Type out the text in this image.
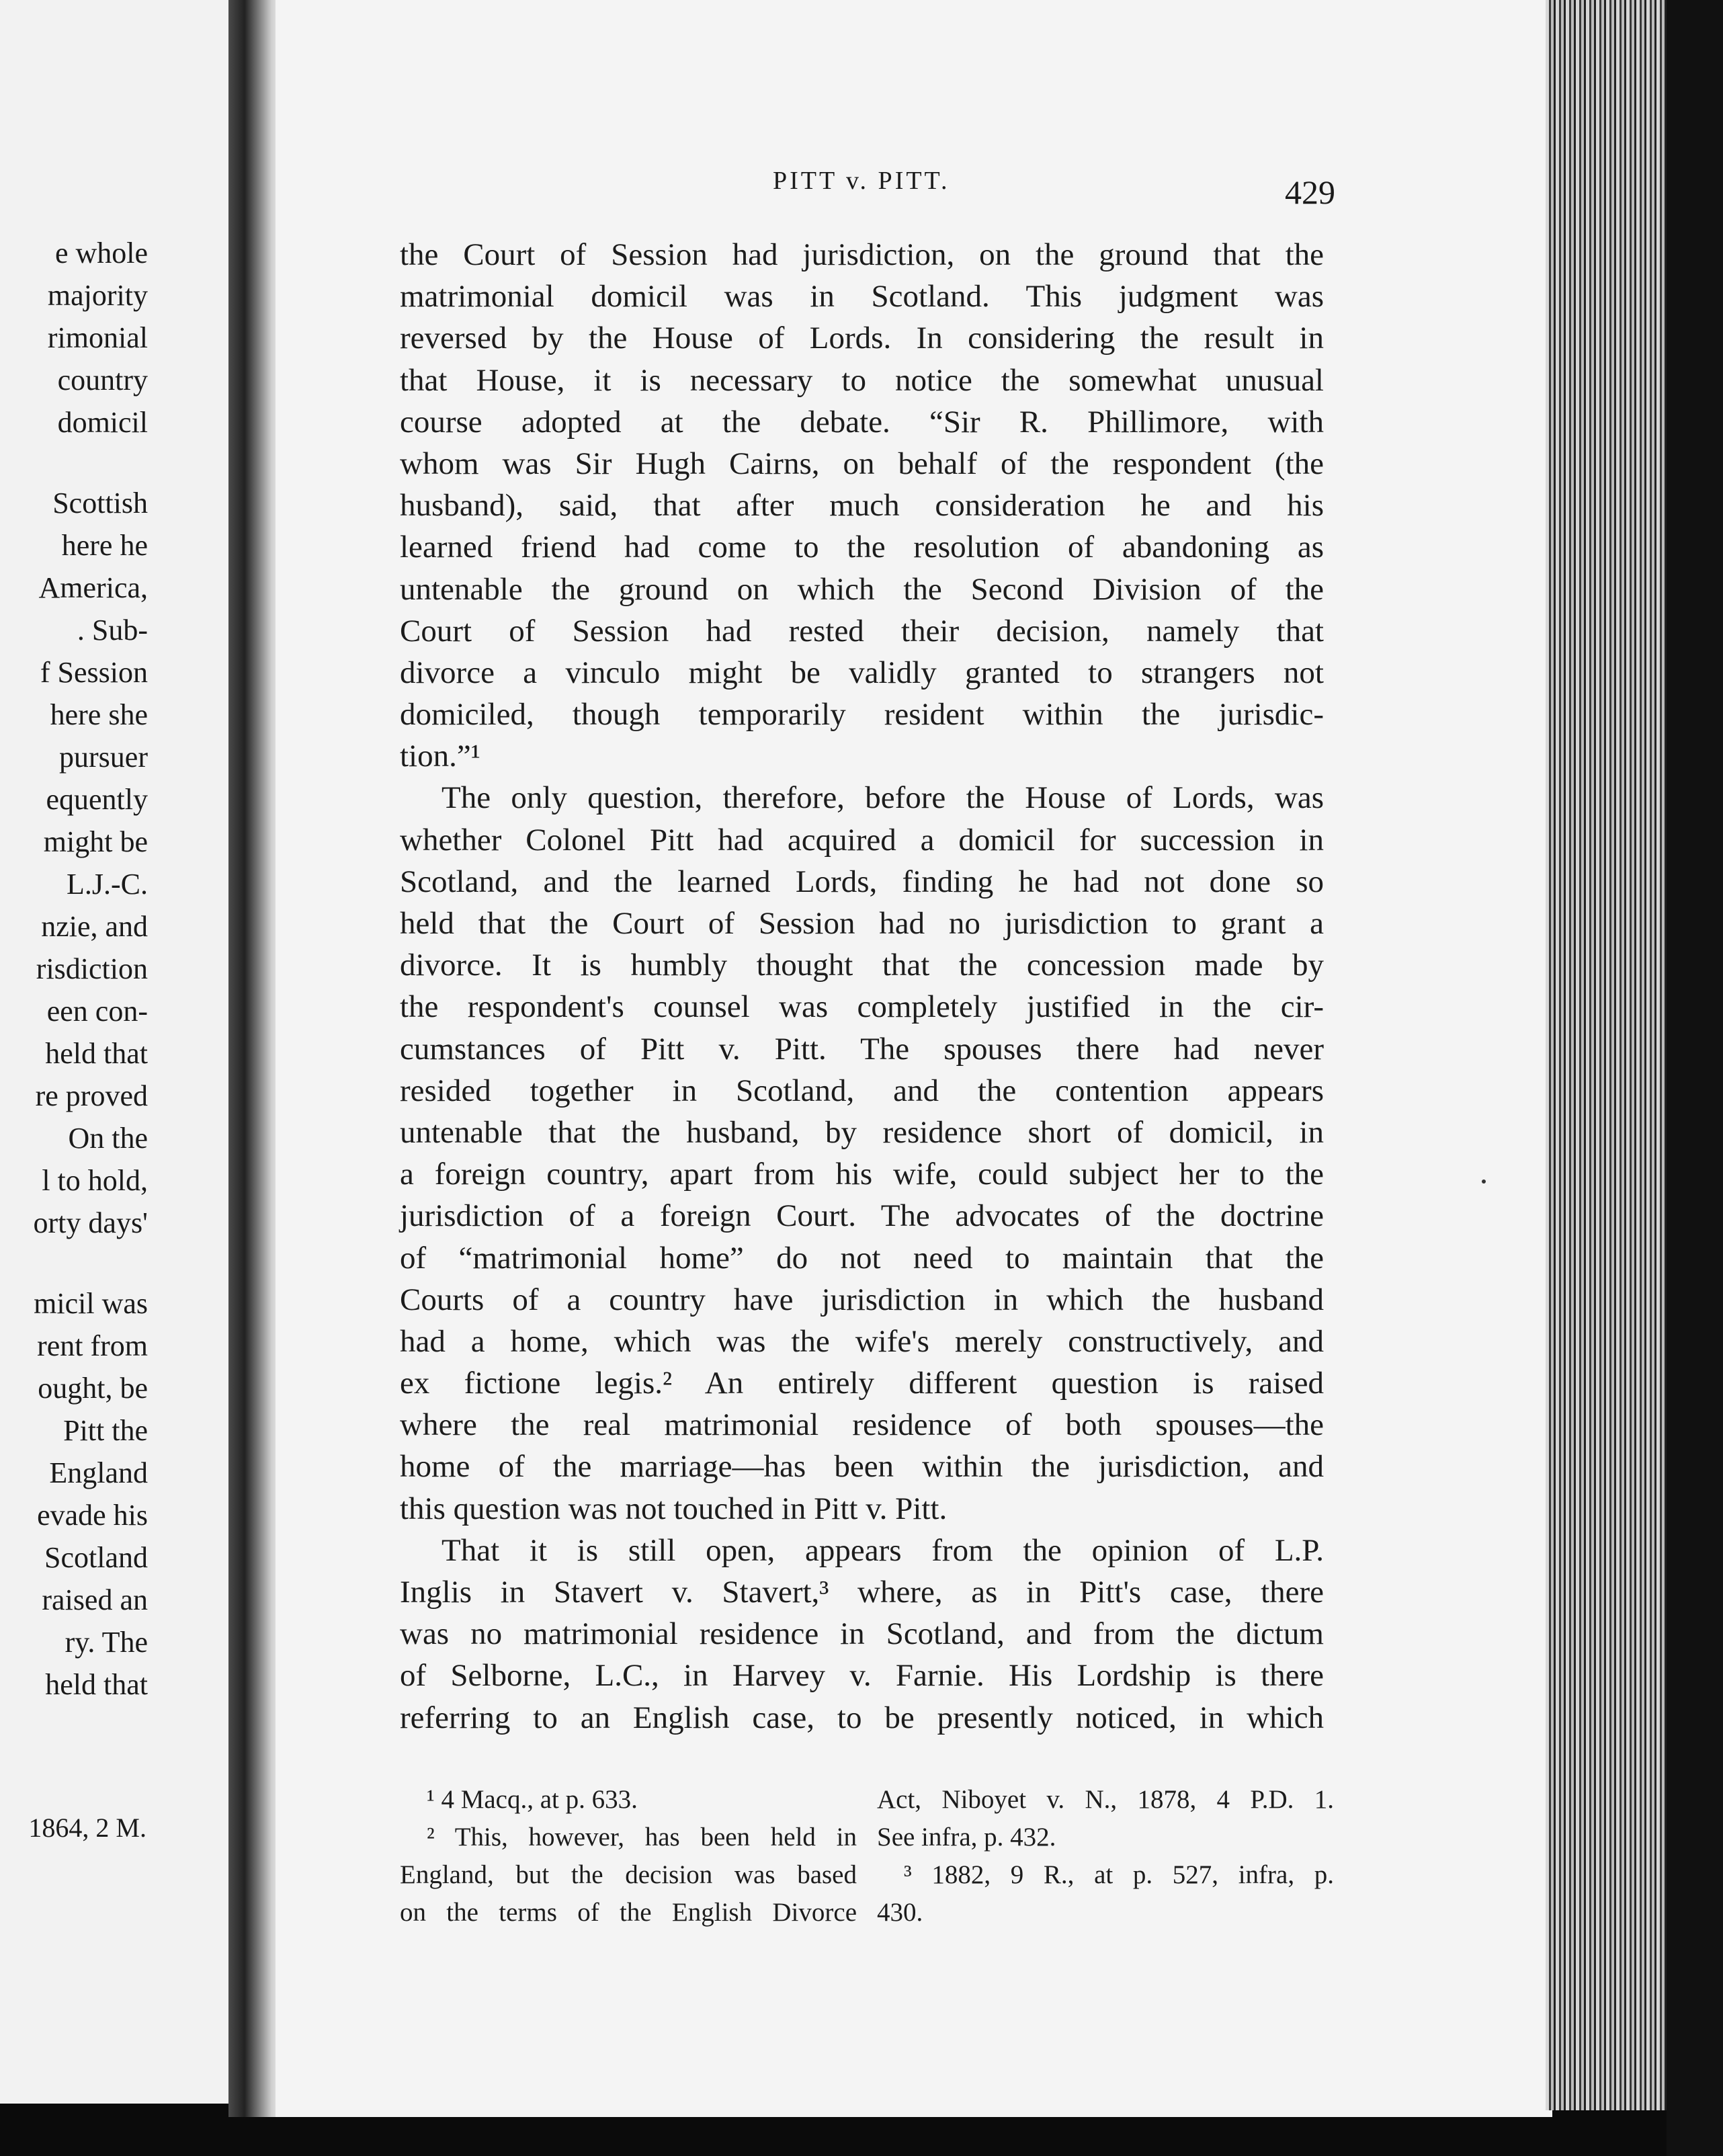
e whole
majority
rimonial
country
domicil
Scottish
here he
America,
. Sub-
f Session
here she
pursuer
equently
might be
L.J.-C.
nzie, and
risdiction
een con-
held that
re proved
On the
l to hold,
orty days'
micil was
rent from
ought, be
Pitt the
England
evade his
Scotland
raised an
ry. The
held that
1864, 2 M.
PITT v. PITT.	429
the Court of Session had jurisdiction, on the ground that the
matrimonial domicil was in Scotland. This judgment was
reversed by the House of Lords. In considering the result in
that House, it is necessary to notice the somewhat unusual
course adopted at the debate. “Sir R. Phillimore, with
whom was Sir Hugh Cairns, on behalf of the respondent (the
husband), said, that after much consideration he and his
learned friend had come to the resolution of abandoning as
untenable the ground on which the Second Division of the
Court of Session had rested their decision, namely that
divorce a vinculo might be validly granted to strangers not
domiciled, though temporarily resident within the jurisdic-
tion.”¹
The only question, therefore, before the House of Lords, was
whether Colonel Pitt had acquired a domicil for succession in
Scotland, and the learned Lords, finding he had not done so
held that the Court of Session had no jurisdiction to grant a
divorce. It is humbly thought that the concession made by
the respondent's counsel was completely justified in the cir-
cumstances of Pitt v. Pitt. The spouses there had never
resided together in Scotland, and the contention appears
untenable that the husband, by residence short of domicil, in
a foreign country, apart from his wife, could subject her to the
jurisdiction of a foreign Court. The advocates of the doctrine
of “matrimonial home” do not need to maintain that the
Courts of a country have jurisdiction in which the husband
had a home, which was the wife's merely constructively, and
ex fictione legis.² An entirely different question is raised
where the real matrimonial residence of both spouses—the
home of the marriage—has been within the jurisdiction, and
this question was not touched in Pitt v. Pitt.
That it is still open, appears from the opinion of L.P.
Inglis in Stavert v. Stavert,³ where, as in Pitt's case, there
was no matrimonial residence in Scotland, and from the dictum
of Selborne, L.C., in Harvey v. Farnie. His Lordship is there
referring to an English case, to be presently noticed, in which
¹ 4 Macq., at p. 633.
² This, however, has been held in
England, but the decision was based
on the terms of the English Divorce
Act, Niboyet v. N., 1878, 4 P.D. 1.
See infra, p. 432.
³ 1882, 9 R., at p. 527, infra, p.
430.
